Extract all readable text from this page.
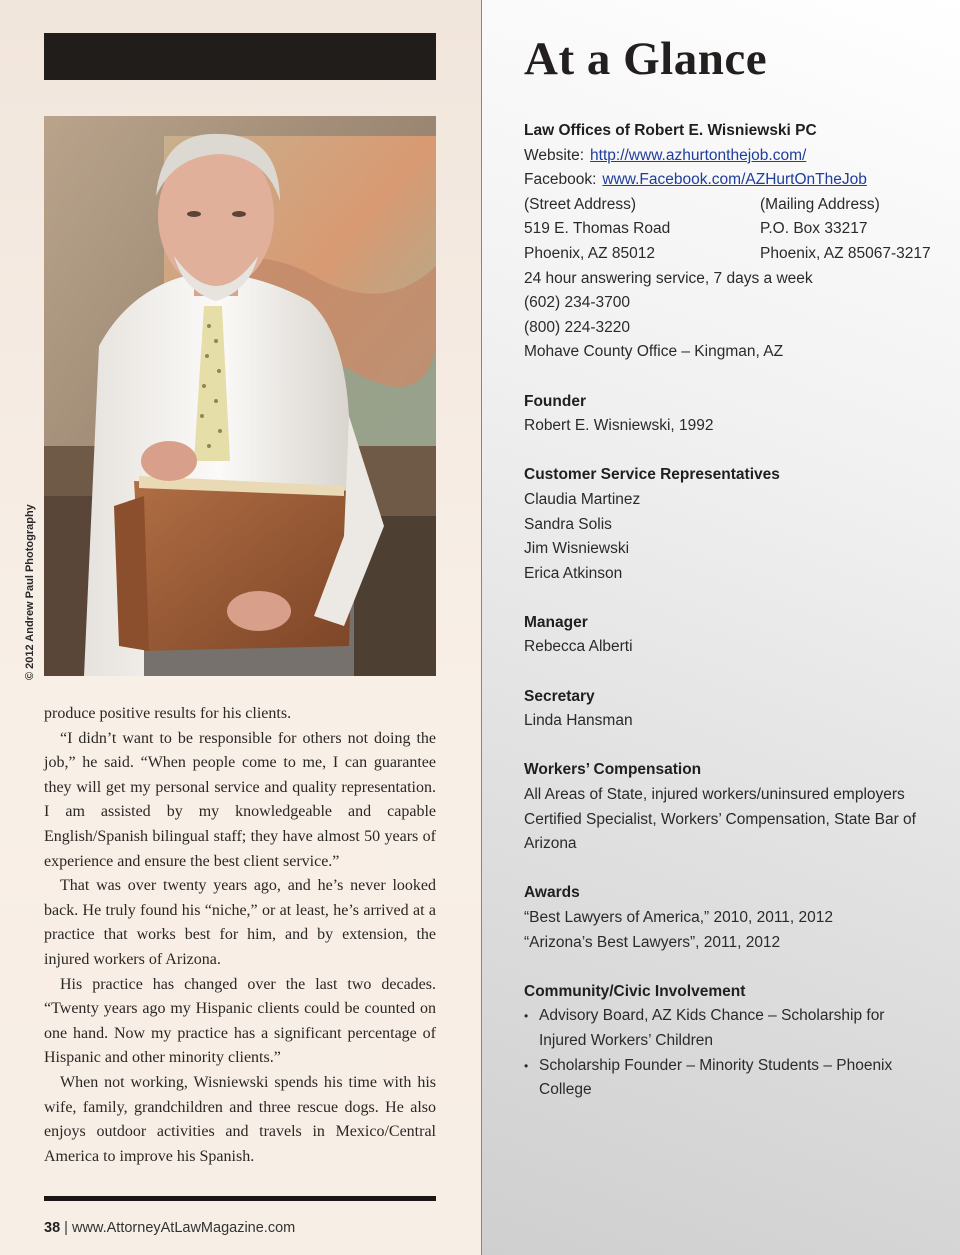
© 2012 Andrew Paul Photography

produce positive results for his clients.

“I didn’t want to be responsible for others not doing the job,” he said. “When people come to me, I can guarantee they will get my personal service and quality representation. I am assisted by my knowledgeable and capable English/Spanish bilingual staff; they have almost 50 years of experience and ensure the best client service.”

That was over twenty years ago, and he’s never looked back. He truly found his “niche,” or at least, he’s arrived at a practice that works best for him, and by extension, the injured workers of Arizona.

His practice has changed over the last two decades. “Twenty years ago my Hispanic clients could be counted on one hand. Now my practice has a significant percentage of Hispanic and other minority clients.”

When not working, Wisniewski spends his time with his wife, family, grandchildren and three rescue dogs. He also enjoys outdoor activities and travels in Mexico/Central America to improve his Spanish.

38 | www.AttorneyAtLawMagazine.com
At a Glance
Law Offices of Robert E. Wisniewski PC
Website: http://www.azhurtonthejob.com/
Facebook: www.Facebook.com/AZHurtOnTheJob
(Street Address)	(Mailing Address)
519 E. Thomas Road	P.O. Box 33217
Phoenix, AZ 85012	Phoenix, AZ 85067-3217
24 hour answering service, 7 days a week
(602) 234-3700
(800) 224-3220
Mohave County Office – Kingman, AZ
Founder
Robert E. Wisniewski, 1992
Customer Service Representatives
Claudia Martinez
Sandra Solis
Jim Wisniewski
Erica Atkinson
Manager
Rebecca Alberti
Secretary
Linda Hansman
Workers’ Compensation
All Areas of State, injured workers/uninsured employers
Certified Specialist, Workers’ Compensation, State Bar of Arizona
Awards
“Best Lawyers of America,” 2010, 2011, 2012
“Arizona’s Best Lawyers”, 2011, 2012
Community/Civic Involvement
• Advisory Board, AZ Kids Chance – Scholarship for Injured Workers’ Children
• Scholarship Founder – Minority Students – Phoenix College
